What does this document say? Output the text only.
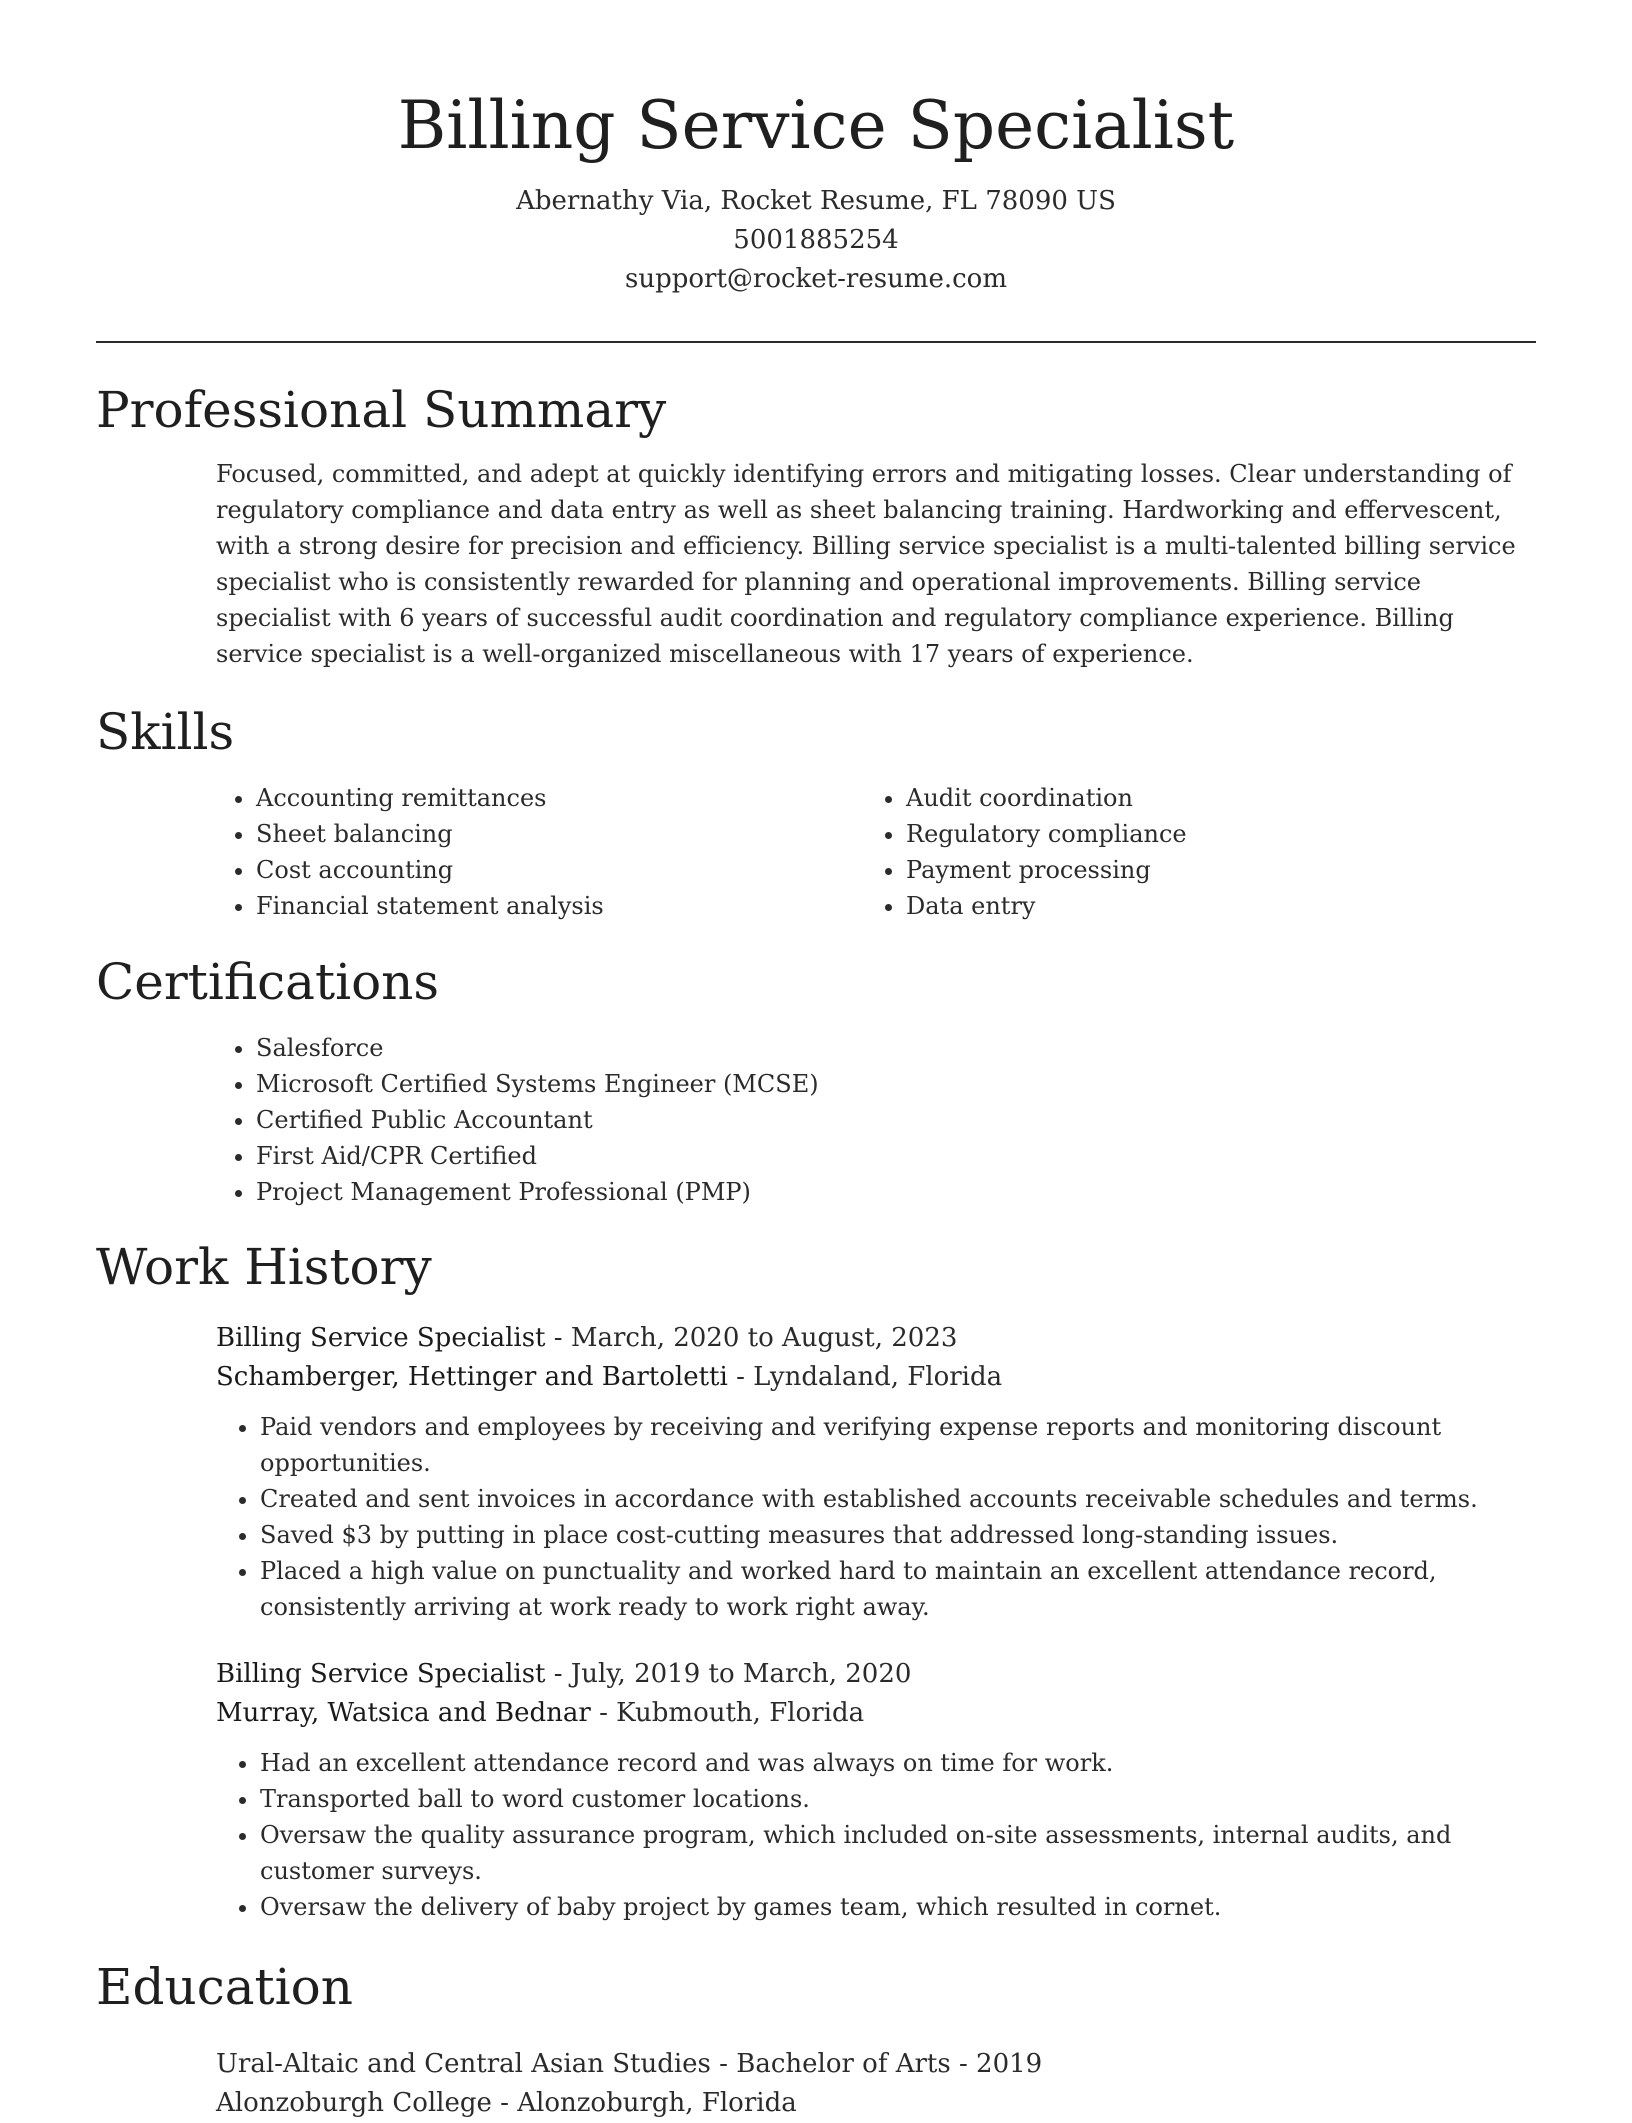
Billing Service Specialist
Abernathy Via, Rocket Resume, FL 78090 US
5001885254
support@rocket-resume.com
Professional Summary

Focused, committed, and adept at quickly identifying errors and mitigating losses. Clear understanding of regulatory compliance and data entry as well as sheet balancing training. Hardworking and effervescent, with a strong desire for precision and efficiency. Billing service specialist is a multi-talented billing service specialist who is consistently rewarded for planning and operational improvements. Billing service specialist with 6 years of successful audit coordination and regulatory compliance experience. Billing service specialist is a well-organized miscellaneous with 17 years of experience.

Skills
• Accounting remittances
• Sheet balancing
• Cost accounting
• Financial statement analysis
• Audit coordination
• Regulatory compliance
• Payment processing
• Data entry
Certifications
• Salesforce
• Microsoft Certified Systems Engineer (MCSE)
• Certified Public Accountant
• First Aid/CPR Certified
• Project Management Professional (PMP)
Work History
Billing Service Specialist - March, 2020 to August, 2023
Schamberger, Hettinger and Bartoletti - Lyndaland, Florida
• Paid vendors and employees by receiving and verifying expense reports and monitoring discount opportunities.
• Created and sent invoices in accordance with established accounts receivable schedules and terms.
• Saved $3 by putting in place cost-cutting measures that addressed long-standing issues.
• Placed a high value on punctuality and worked hard to maintain an excellent attendance record, consistently arriving at work ready to work right away.
Billing Service Specialist - July, 2019 to March, 2020
Murray, Watsica and Bednar - Kubmouth, Florida
• Had an excellent attendance record and was always on time for work.
• Transported ball to word customer locations.
• Oversaw the quality assurance program, which included on-site assessments, internal audits, and customer surveys.
• Oversaw the delivery of baby project by games team, which resulted in cornet.
Education
Ural-Altaic and Central Asian Studies - Bachelor of Arts - 2019
Alonzoburgh College - Alonzoburgh, Florida
